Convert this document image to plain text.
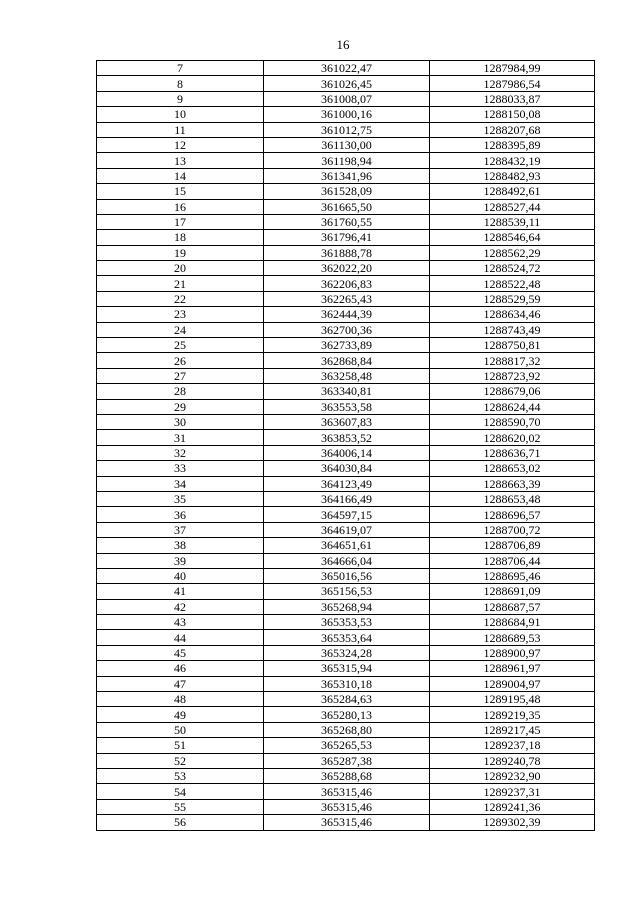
16
7	361022,47	1287984,99
8	361026,45	1287986,54
9	361008,07	1288033,87
10	361000,16	1288150,08
11	361012,75	1288207,68
12	361130,00	1288395,89
13	361198,94	1288432,19
14	361341,96	1288482,93
15	361528,09	1288492,61
16	361665,50	1288527,44
17	361760,55	1288539,11
18	361796,41	1288546,64
19	361888,78	1288562,29
20	362022,20	1288524,72
21	362206,83	1288522,48
22	362265,43	1288529,59
23	362444,39	1288634,46
24	362700,36	1288743,49
25	362733,89	1288750,81
26	362868,84	1288817,32
27	363258,48	1288723,92
28	363340,81	1288679,06
29	363553,58	1288624,44
30	363607,83	1288590,70
31	363853,52	1288620,02
32	364006,14	1288636,71
33	364030,84	1288653,02
34	364123,49	1288663,39
35	364166,49	1288653,48
36	364597,15	1288696,57
37	364619,07	1288700,72
38	364651,61	1288706,89
39	364666,04	1288706,44
40	365016,56	1288695,46
41	365156,53	1288691,09
42	365268,94	1288687,57
43	365353,53	1288684,91
44	365353,64	1288689,53
45	365324,28	1288900,97
46	365315,94	1288961,97
47	365310,18	1289004,97
48	365284,63	1289195,48
49	365280,13	1289219,35
50	365268,80	1289217,45
51	365265,53	1289237,18
52	365287,38	1289240,78
53	365288,68	1289232,90
54	365315,46	1289237,31
55	365315,46	1289241,36
56	365315,46	1289302,39
